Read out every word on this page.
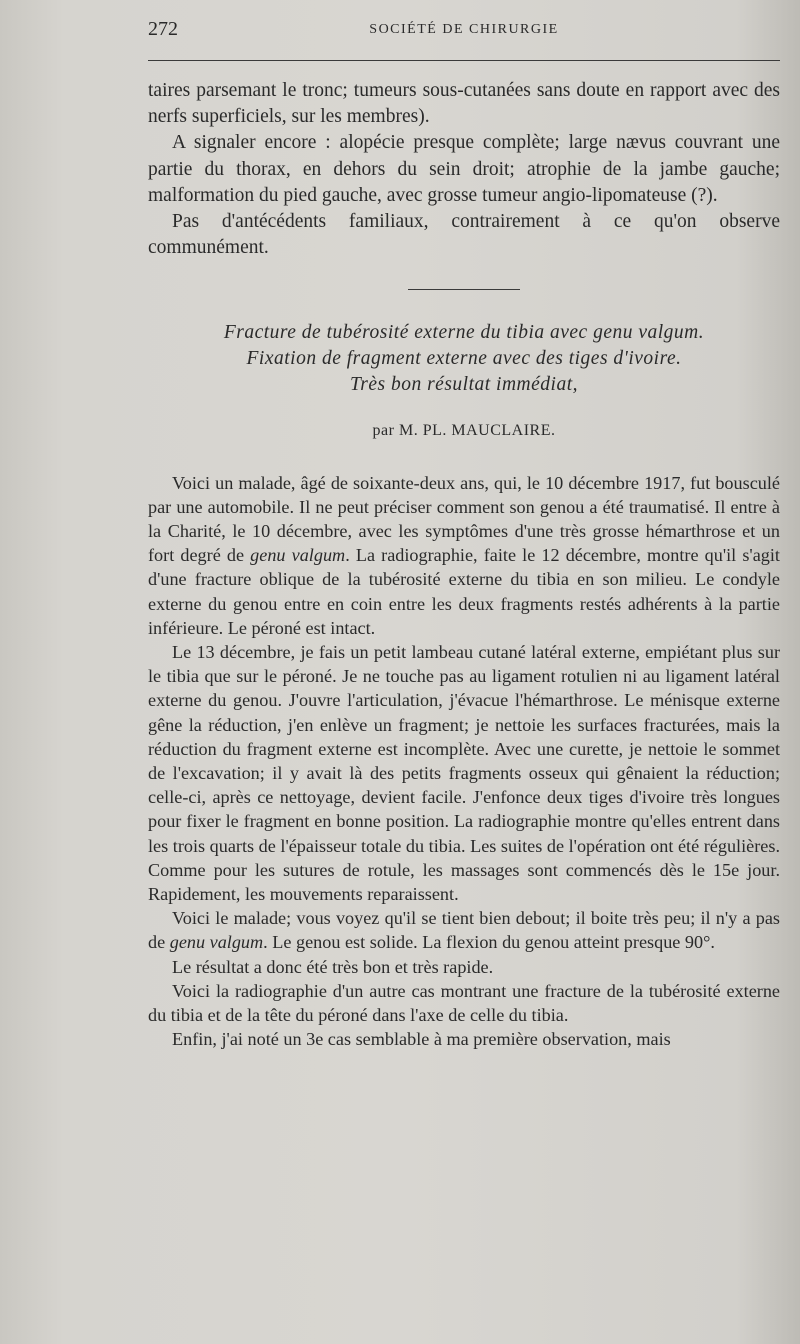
272	SOCIÉTÉ DE CHIRURGIE

taires parsemant le tronc; tumeurs sous-cutanées sans doute en rapport avec des nerfs superficiels, sur les membres).

A signaler encore : alopécie presque complète; large nævus couvrant une partie du thorax, en dehors du sein droit; atrophie de la jambe gauche; malformation du pied gauche, avec grosse tumeur angio-lipomateuse (?).

Pas d'antécédents familiaux, contrairement à ce qu'on observe communément.

Fracture de tubérosité externe du tibia avec genu valgum.
Fixation de fragment externe avec des tiges d'ivoire.
Très bon résultat immédiat,
par M. PL. MAUCLAIRE.

Voici un malade, âgé de soixante-deux ans, qui, le 10 décembre 1917, fut bousculé par une automobile. Il ne peut préciser comment son genou a été traumatisé. Il entre à la Charité, le 10 décembre, avec les symptômes d'une très grosse hémarthrose et un fort degré de genu valgum. La radiographie, faite le 12 décembre, montre qu'il s'agit d'une fracture oblique de la tubérosité externe du tibia en son milieu. Le condyle externe du genou entre en coin entre les deux fragments restés adhérents à la partie inférieure. Le péroné est intact.

Le 13 décembre, je fais un petit lambeau cutané latéral externe, empiétant plus sur le tibia que sur le péroné. Je ne touche pas au ligament rotulien ni au ligament latéral externe du genou. J'ouvre l'articulation, j'évacue l'hémarthrose. Le ménisque externe gêne la réduction, j'en enlève un fragment; je nettoie les surfaces fracturées, mais la réduction du fragment externe est incomplète. Avec une curette, je nettoie le sommet de l'excavation; il y avait là des petits fragments osseux qui gênaient la réduction; celle-ci, après ce nettoyage, devient facile. J'enfonce deux tiges d'ivoire très longues pour fixer le fragment en bonne position. La radiographie montre qu'elles entrent dans les trois quarts de l'épaisseur totale du tibia. Les suites de l'opération ont été régulières. Comme pour les sutures de rotule, les massages sont commencés dès le 15e jour. Rapidement, les mouvements reparaissent.

Voici le malade; vous voyez qu'il se tient bien debout; il boite très peu; il n'y a pas de genu valgum. Le genou est solide. La flexion du genou atteint presque 90°.

Le résultat a donc été très bon et très rapide.

Voici la radiographie d'un autre cas montrant une fracture de la tubérosité externe du tibia et de la tête du péroné dans l'axe de celle du tibia.

Enfin, j'ai noté un 3e cas semblable à ma première observation, mais
